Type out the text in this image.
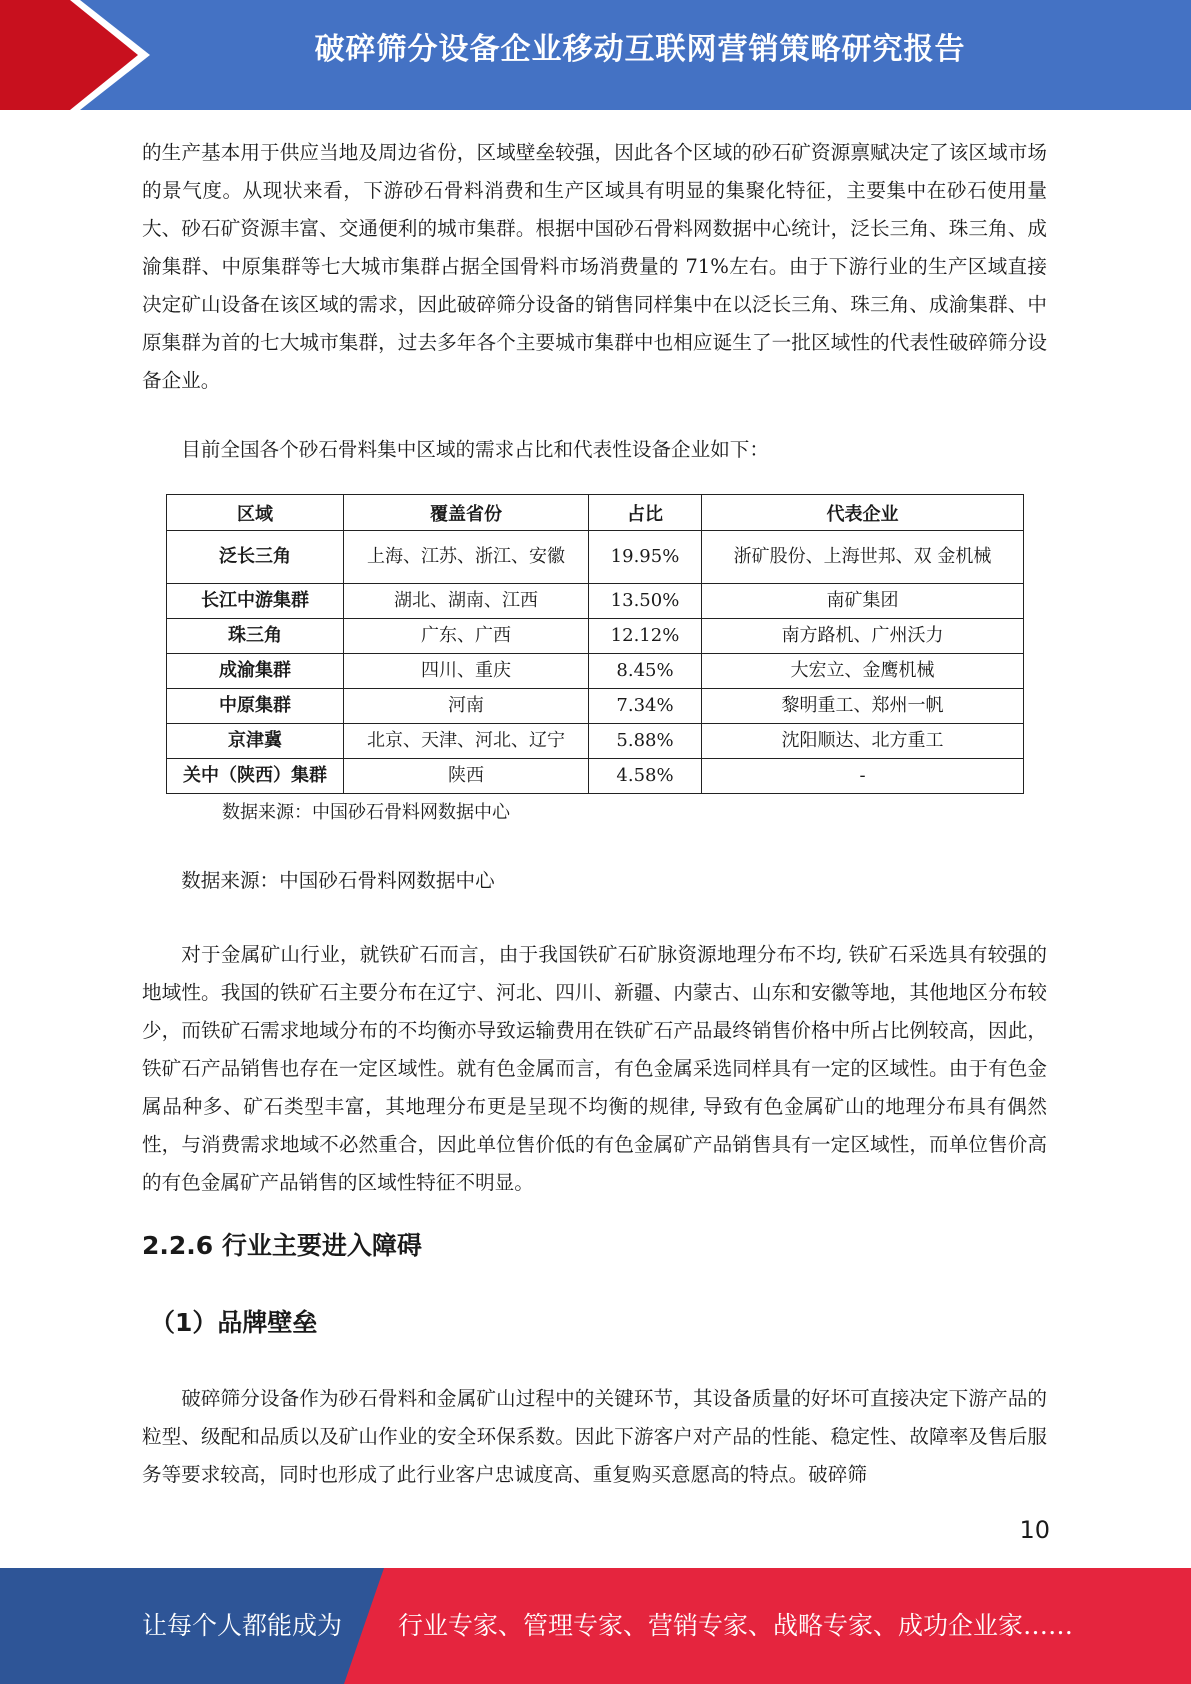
破碎筛分设备企业移动互联网营销策略研究报告

的生产基本用于供应当地及周边省份，区域壁垒较强，因此各个区域的砂石矿资源禀赋决定了该区域市场的景气度。从现状来看，下游砂石骨料消费和生产区域具有明显的集聚化特征，主要集中在砂石使用量大、砂石矿资源丰富、交通便利的城市集群。根据中国砂石骨料网数据中心统计，泛长三角、珠三角、成渝集群、中原集群等七大城市集群占据全国骨料市场消费量的 71%左右。由于下游行业的生产区域直接决定矿山设备在该区域的需求，因此破碎筛分设备的销售同样集中在以泛长三角、珠三角、成渝集群、中原集群为首的七大城市集群，过去多年各个主要城市集群中也相应诞生了一批区域性的代表性破碎筛分设备企业。

目前全国各个砂石骨料集中区域的需求占比和代表性设备企业如下：

区域	覆盖省份	占比	代表企业
泛长三角	上海、江苏、浙江、安徽	19.95%	浙矿股份、上海世邦、双 金机械
长江中游集群	湖北、湖南、江西	13.50%	南矿集团
珠三角	广东、广西	12.12%	南方路机、广州沃力
成渝集群	四川、重庆	8.45%	大宏立、金鹰机械
中原集群	河南	7.34%	黎明重工、郑州一帆
京津冀	北京、天津、河北、辽宁	5.88%	沈阳顺达、北方重工
关中（陕西）集群	陕西	4.58%	-
数据来源：中国砂石骨料网数据中心

数据来源：中国砂石骨料网数据中心

对于金属矿山行业，就铁矿石而言，由于我国铁矿石矿脉资源地理分布不均, 铁矿石采选具有较强的地域性。我国的铁矿石主要分布在辽宁、河北、四川、新疆、内蒙古、山东和安徽等地，其他地区分布较少，而铁矿石需求地域分布的不均衡亦导致运输费用在铁矿石产品最终销售价格中所占比例较高，因此，铁矿石产品销售也存在一定区域性。就有色金属而言，有色金属采选同样具有一定的区域性。由于有色金属品种多、矿石类型丰富，其地理分布更是呈现不均衡的规律, 导致有色金属矿山的地理分布具有偶然性，与消费需求地域不必然重合，因此单位售价低的有色金属矿产品销售具有一定区域性，而单位售价高的有色金属矿产品销售的区域性特征不明显。

2.2.6 行业主要进入障碍
（1）品牌壁垒

破碎筛分设备作为砂石骨料和金属矿山过程中的关键环节，其设备质量的好坏可直接决定下游产品的粒型、级配和品质以及矿山作业的安全环保系数。因此下游客户对产品的性能、稳定性、故障率及售后服务等要求较高，同时也形成了此行业客户忠诚度高、重复购买意愿高的特点。破碎筛

10
让每个人都能成为 行业专家、管理专家、营销专家、战略专家、成功企业家……
